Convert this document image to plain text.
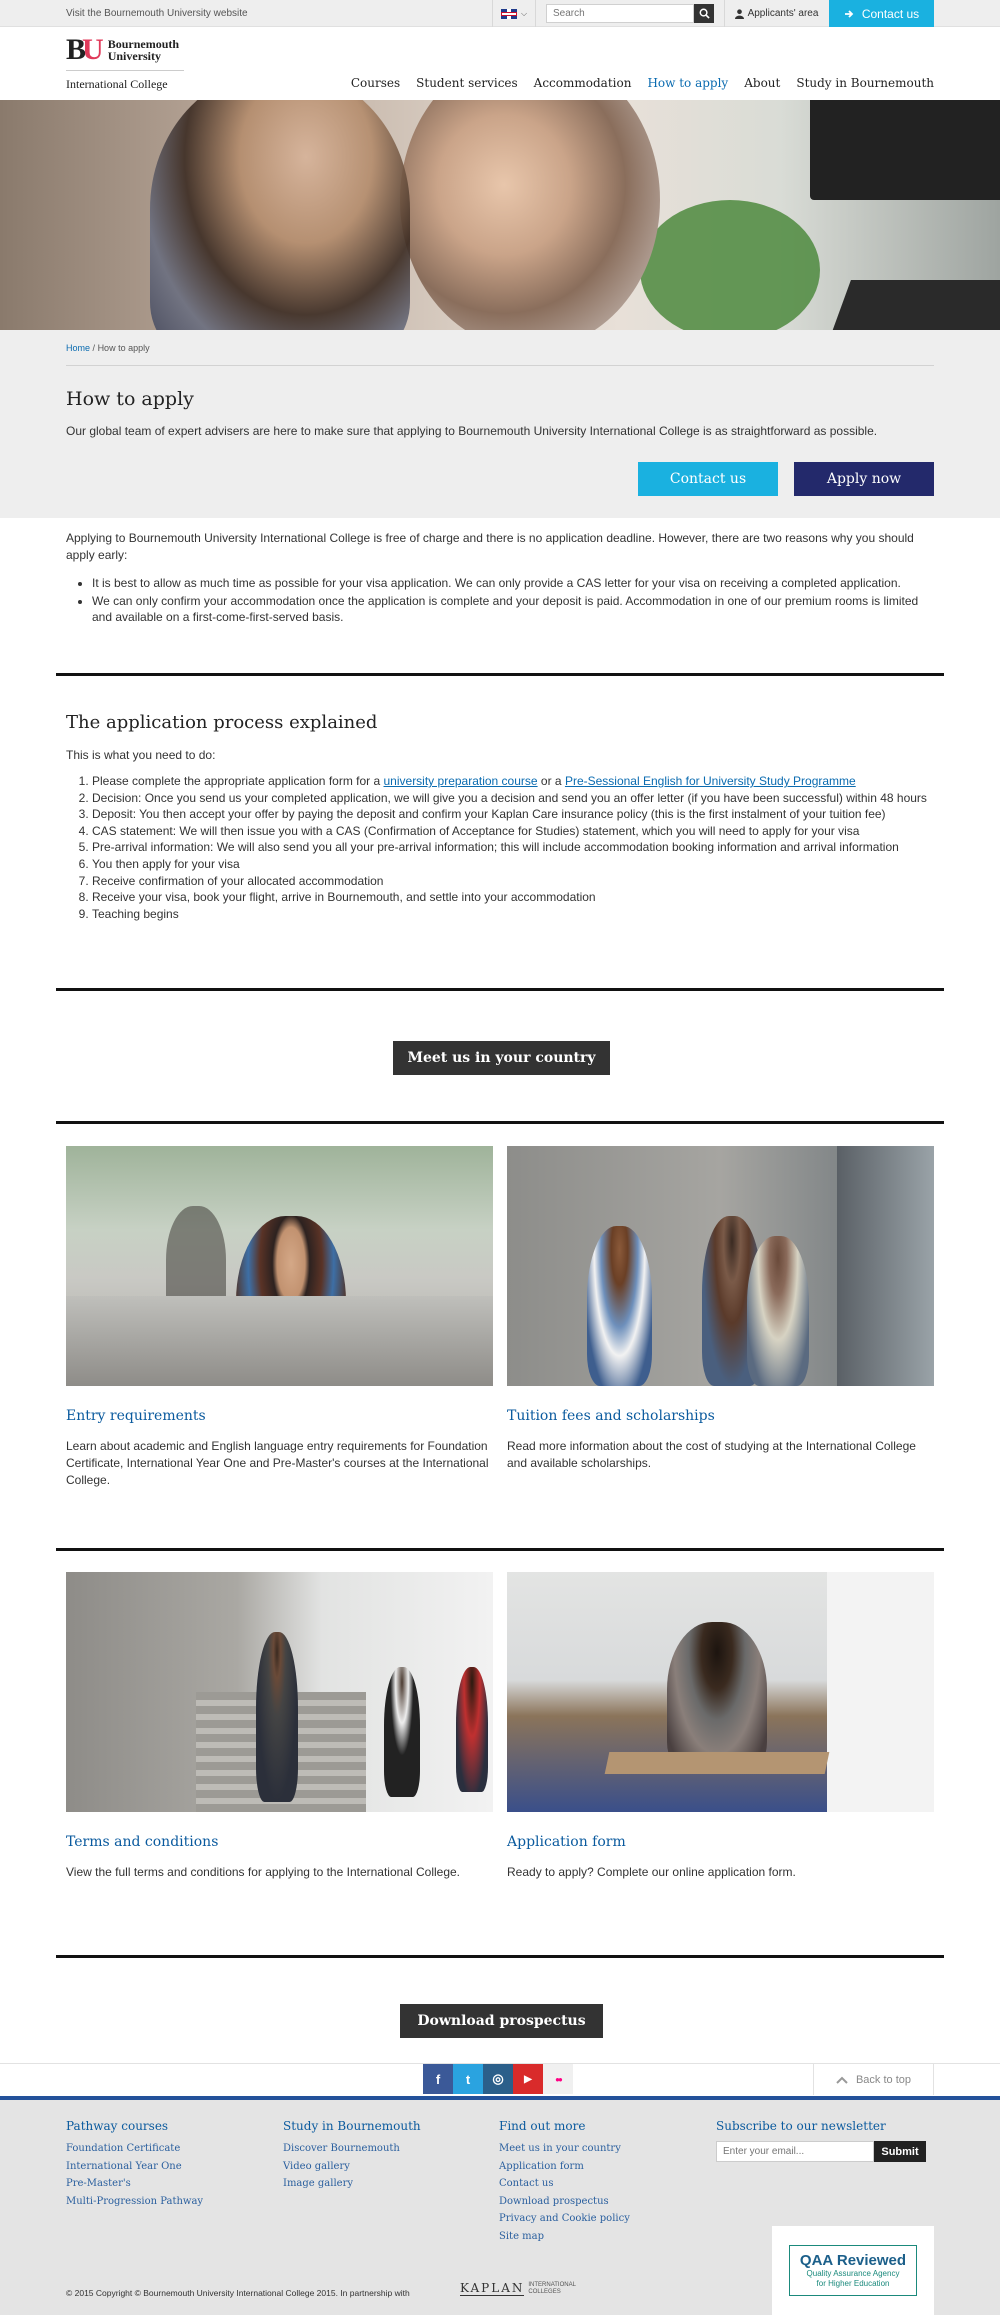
Visit the Bournemouth University website	⌵
Search	Applicants' area	Contact us
B
U Bournemouth
University
International College	Courses Student services Accommodation How to apply About Study in Bournemouth
Home / How to apply
How to apply

Our global team of expert advisers are here to make sure that applying to Bournemouth University International College is as straightforward as possible.

Contact us	Apply now

Applying to Bournemouth University International College is free of charge and there is no application deadline. However, there are two reasons why you should apply early:

• It is best to allow as much time as possible for your visa application. We can only provide a CAS letter for your visa on receiving a completed application.
• We can only confirm your accommodation once the application is complete and your deposit is paid. Accommodation in one of our premium rooms is limited and available on a first-come-first-served basis.
The application process explained

This is what you need to do:

1. Please complete the appropriate application form for a university preparation course or a Pre-Sessional English for University Study Programme
2. Decision: Once you send us your completed application, we will give you a decision and send you an offer letter (if you have been successful) within 48 hours
3. Deposit: You then accept your offer by paying the deposit and confirm your Kaplan Care insurance policy (this is the first instalment of your tuition fee)
4. CAS statement: We will then issue you with a CAS (Confirmation of Acceptance for Studies) statement, which you will need to apply for your visa
5. Pre-arrival information: We will also send you all your pre-arrival information; this will include accommodation booking information and arrival information
6. You then apply for your visa
7. Receive confirmation of your allocated accommodation
8. Receive your visa, book your flight, arrive in Bournemouth, and settle into your accommodation
9. Teaching begins
Meet us in your country
Entry requirements

Learn about academic and English language entry requirements for Foundation Certificate, International Year One and Pre-Master's courses at the International College.

Tuition fees and scholarships

Read more information about the cost of studying at the International College and available scholarships.

Terms and conditions

View the full terms and conditions for applying to the International College.

Application form

Ready to apply? Complete our online application form.

Download prospectus
f	t	◎	▶	●●	Back to top
Pathway courses
Foundation Certificate
International Year One
Pre-Master's
Multi-Progression Pathway
Study in Bournemouth
Discover Bournemouth
Video gallery
Image gallery
Find out more
Meet us in your country
Application form
Contact us
Download prospectus
Privacy and Cookie policy
Site map
Subscribe to our newsletter
Enter your email...
Submit
QAA Reviewed
Quality Assurance Agency
for Higher Education
© 2015 Copyright © Bournemouth University International College 2015. In partnership with	KAPLAN INTERNATIONAL
COLLEGES
